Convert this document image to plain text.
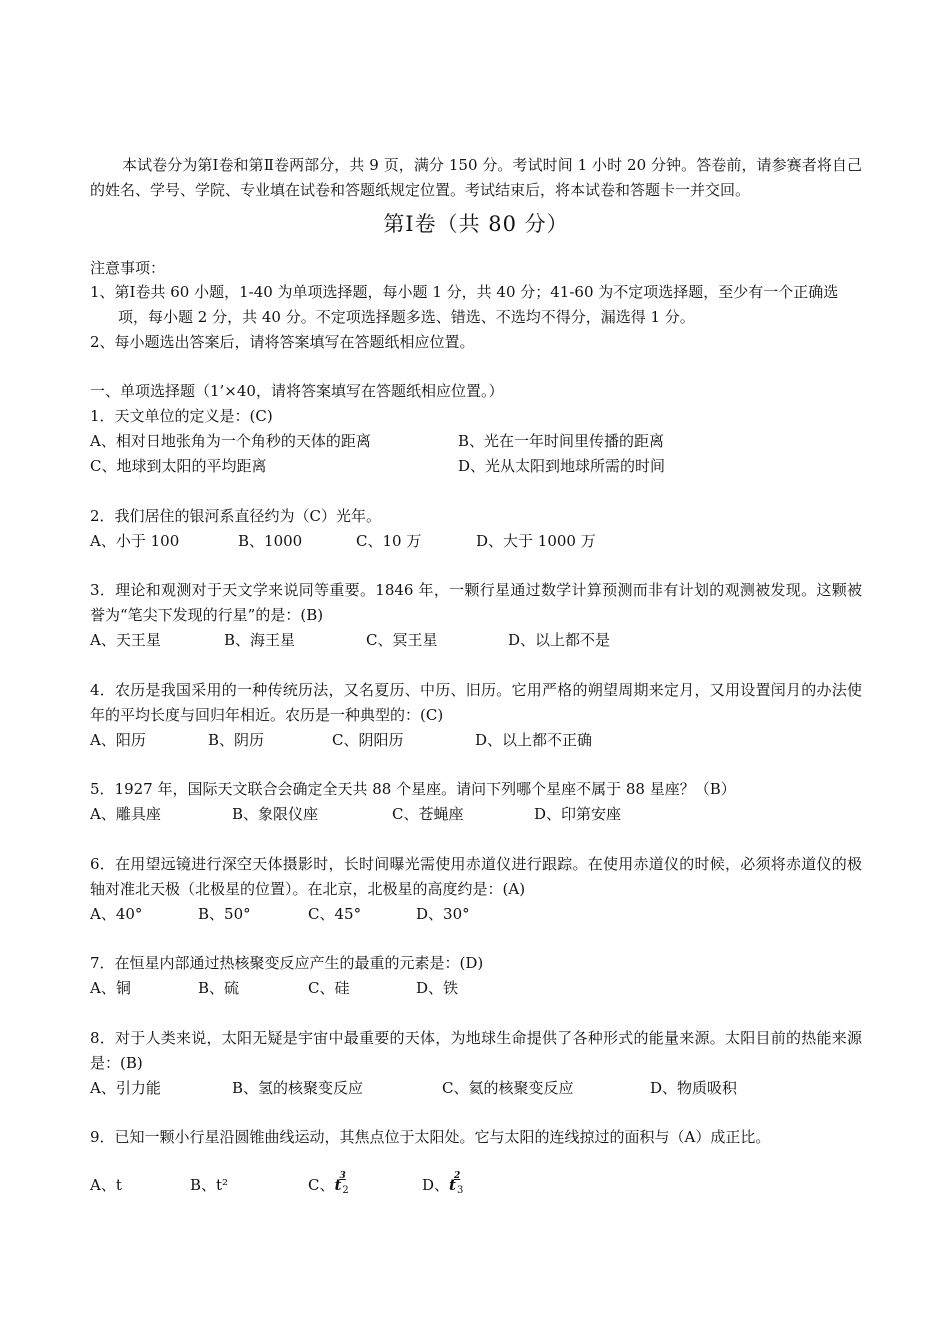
本试卷分为第Ⅰ卷和第Ⅱ卷两部分，共 9 页，满分 150 分。考试时间 1 小时 20 分钟。答卷前，请参赛者将自己的姓名、学号、学院、专业填在试卷和答题纸规定位置。考试结束后，将本试卷和答题卡一并交回。
第Ⅰ卷（共 80 分）
注意事项：
1、第Ⅰ卷共 60 小题，1-40 为单项选择题，每小题 1 分，共 40 分；41-60 为不定项选择题，至少有一个正确选项，每小题 2 分，共 40 分。不定项选择题多选、错选、不选均不得分，漏选得 1 分。
2、每小题选出答案后，请将答案填写在答题纸相应位置。
一、单项选择题（1’×40，请将答案填写在答题纸相应位置。）
1．天文单位的定义是：(C)
A、相对日地张角为一个角秒的天体的距离	B、光在一年时间里传播的距离
C、地球到太阳的平均距离	D、光从太阳到地球所需的时间
2．我们居住的银河系直径约为（C）光年。
A、小于 100	B、1000	C、10 万	D、大于 1000 万
3．理论和观测对于天文学来说同等重要。1846 年，一颗行星通过数学计算预测而非有计划的观测被发现。这颗被誉为“笔尖下发现的行星”的是：(B)
A、天王星	B、海王星	C、冥王星	D、以上都不是
4．农历是我国采用的一种传统历法，又名夏历、中历、旧历。它用严格的朔望周期来定月，又用设置闰月的办法使年的平均长度与回归年相近。农历是一种典型的：(C)
A、阳历	B、阴历	C、阴阳历	D、以上都不正确
5．1927 年，国际天文联合会确定全天共 88 个星座。请问下列哪个星座不属于 88 星座？（B）
A、雕具座	B、象限仪座	C、苍蝇座	D、印第安座
6．在用望远镜进行深空天体摄影时，长时间曝光需使用赤道仪进行跟踪。在使用赤道仪的时候，必须将赤道仪的极轴对准北天极（北极星的位置）。在北京，北极星的高度约是：(A)
A、40°	B、50°	C、45°	D、30°
7．在恒星内部通过热核聚变反应产生的最重的元素是：(D)
A、铜	B、硫	C、硅	D、铁
8．对于人类来说，太阳无疑是宇宙中最重要的天体，为地球生命提供了各种形式的能量来源。太阳目前的热能来源是：(B)
A、引力能	B、氢的核聚变反应	C、氦的核聚变反应	D、物质吸积
9．已知一颗小行星沿圆锥曲线运动，其焦点位于太阳处。它与太阳的连线掠过的面积与（A）成正比。
A、t	B、t²	C、t
3
$_2$	D、t
2
$_3$
